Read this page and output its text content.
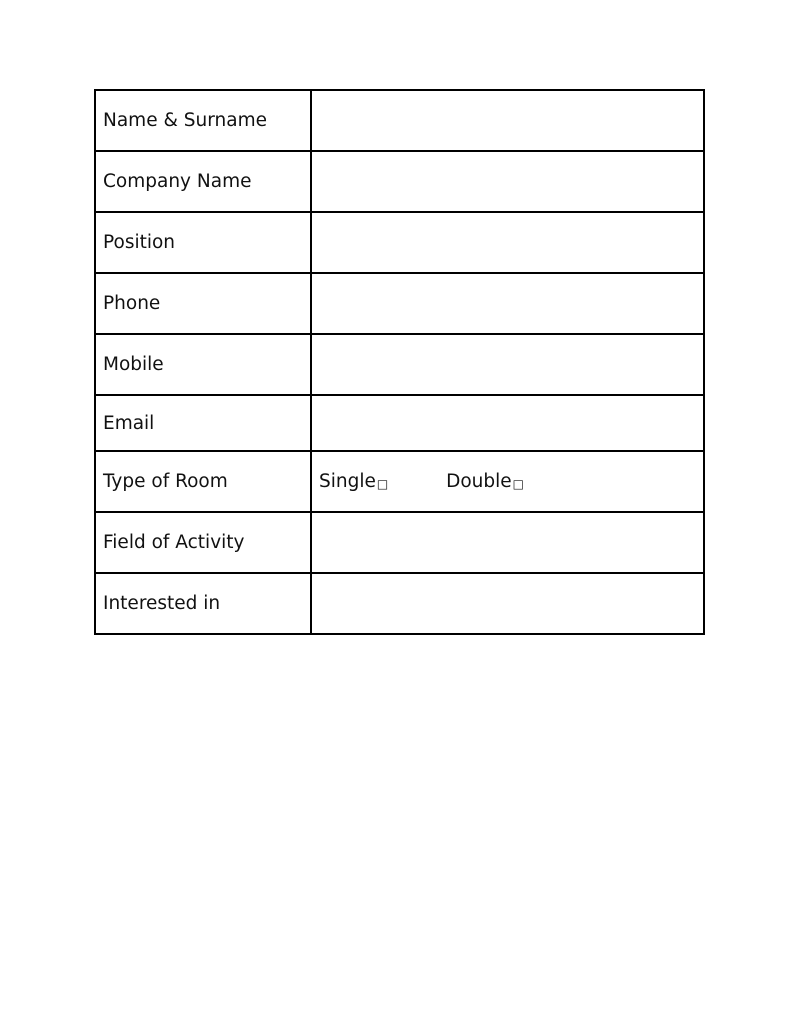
Name & Surname	
Company Name	
Position	
Phone	
Mobile	
Email	
Type of Room	Single□ Double□
Field of Activity	
Interested in	
